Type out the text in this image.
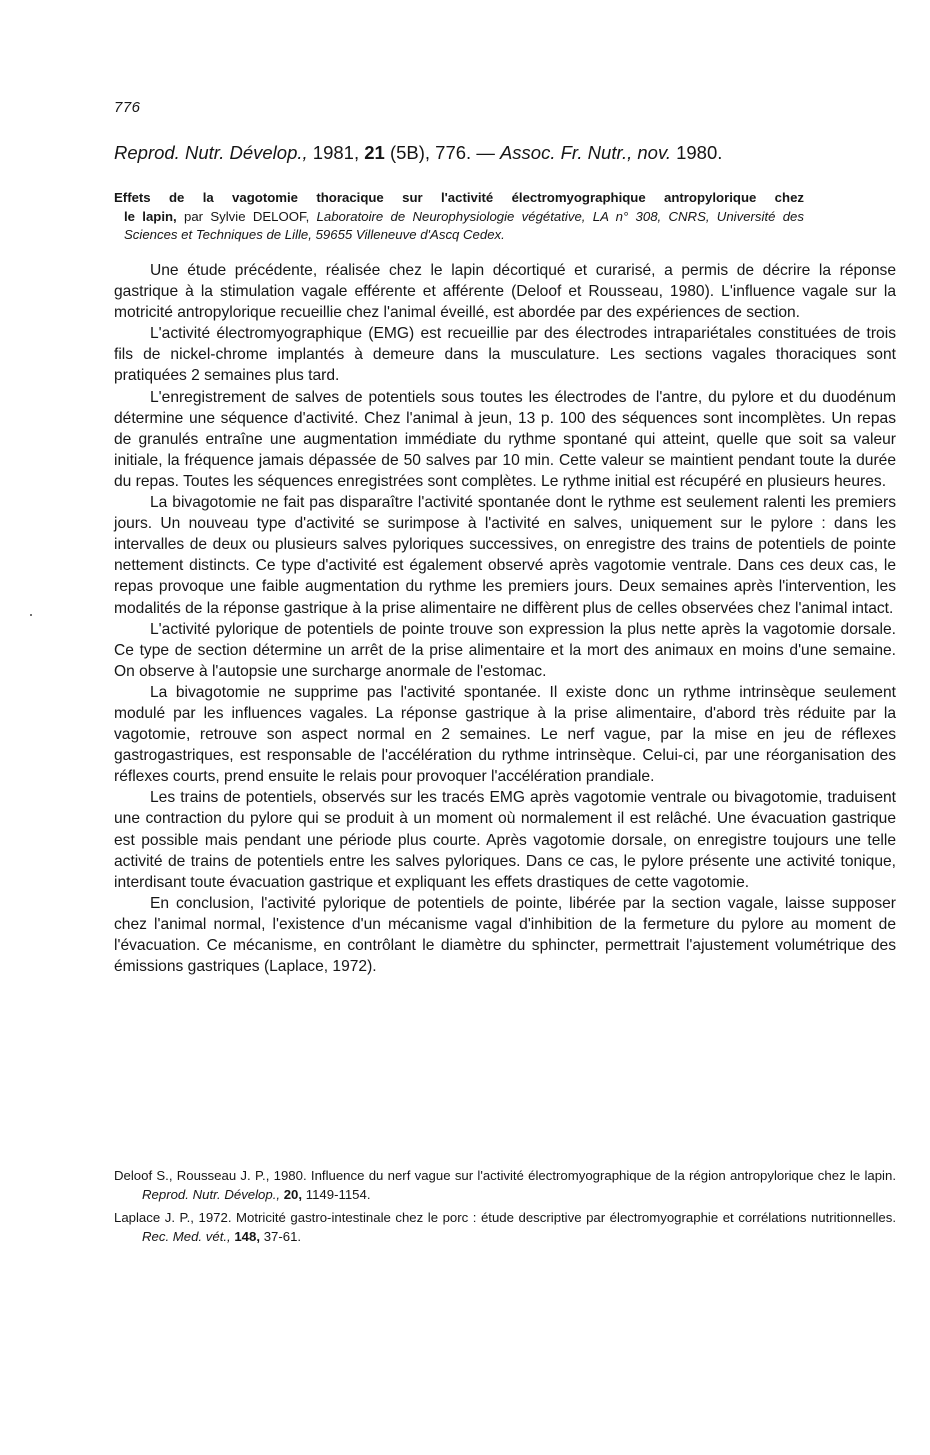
776
Reprod. Nutr. Dévelop., 1981, 21 (5B), 776. — Assoc. Fr. Nutr., nov. 1980.
Effets de la vagotomie thoracique sur l'activité électromyographique antropylorique chez
le lapin, par Sylvie DELOOF, Laboratoire de Neurophysiologie végétative, LA n° 308, CNRS, Université des Sciences et Techniques de Lille, 59655 Villeneuve d'Ascq Cedex.

Une étude précédente, réalisée chez le lapin décortiqué et curarisé, a permis de décrire la réponse gastrique à la stimulation vagale efférente et afférente (Deloof et Rousseau, 1980). L'influence vagale sur la motricité antropylorique recueillie chez l'animal éveillé, est abordée par des expériences de section.

L'activité électromyographique (EMG) est recueillie par des électrodes intrapariétales constituées de trois fils de nickel-chrome implantés à demeure dans la musculature. Les sections vagales thoraciques sont pratiquées 2 semaines plus tard.

L'enregistrement de salves de potentiels sous toutes les électrodes de l'antre, du pylore et du duodénum détermine une séquence d'activité. Chez l'animal à jeun, 13 p. 100 des séquences sont incomplètes. Un repas de granulés entraîne une augmentation immédiate du rythme spontané qui atteint, quelle que soit sa valeur initiale, la fréquence jamais dépassée de 50 salves par 10 min. Cette valeur se maintient pendant toute la durée du repas. Toutes les séquences enregistrées sont complètes. Le rythme initial est récupéré en plusieurs heures.

La bivagotomie ne fait pas disparaître l'activité spontanée dont le rythme est seulement ralenti les premiers jours. Un nouveau type d'activité se surimpose à l'activité en salves, uniquement sur le pylore : dans les intervalles de deux ou plusieurs salves pyloriques successives, on enregistre des trains de potentiels de pointe nettement distincts. Ce type d'activité est également observé après vagotomie ventrale. Dans ces deux cas, le repas provoque une faible augmentation du rythme les premiers jours. Deux semaines après l'intervention, les modalités de la réponse gastrique à la prise alimentaire ne diffèrent plus de celles observées chez l'animal intact.

L'activité pylorique de potentiels de pointe trouve son expression la plus nette après la vagotomie dorsale. Ce type de section détermine un arrêt de la prise alimentaire et la mort des animaux en moins d'une semaine. On observe à l'autopsie une surcharge anormale de l'estomac.

La bivagotomie ne supprime pas l'activité spontanée. Il existe donc un rythme intrinsèque seulement modulé par les influences vagales. La réponse gastrique à la prise alimentaire, d'abord très réduite par la vagotomie, retrouve son aspect normal en 2 semaines. Le nerf vague, par la mise en jeu de réflexes gastrogastriques, est responsable de l'accélération du rythme intrinsèque. Celui-ci, par une réorganisation des réflexes courts, prend ensuite le relais pour provoquer l'accélération prandiale.

Les trains de potentiels, observés sur les tracés EMG après vagotomie ventrale ou bivagotomie, traduisent une contraction du pylore qui se produit à un moment où normalement il est relâché. Une évacuation gastrique est possible mais pendant une période plus courte. Après vagotomie dorsale, on enregistre toujours une telle activité de trains de potentiels entre les salves pyloriques. Dans ce cas, le pylore présente une activité tonique, interdisant toute évacuation gastrique et expliquant les effets drastiques de cette vagotomie.

En conclusion, l'activité pylorique de potentiels de pointe, libérée par la section vagale, laisse supposer chez l'animal normal, l'existence d'un mécanisme vagal d'inhibition de la fermeture du pylore au moment de l'évacuation. Ce mécanisme, en contrôlant le diamètre du sphincter, permettrait l'ajustement volumétrique des émissions gastriques (Laplace, 1972).

Deloof S., Rousseau J. P., 1980. Influence du nerf vague sur l'activité électromyographique de la région antropylorique chez le lapin. Reprod. Nutr. Dévelop., 20, 1149-1154.
Laplace J. P., 1972. Motricité gastro-intestinale chez le porc : étude descriptive par électromyographie et corrélations nutritionnelles. Rec. Med. vét., 148, 37-61.
